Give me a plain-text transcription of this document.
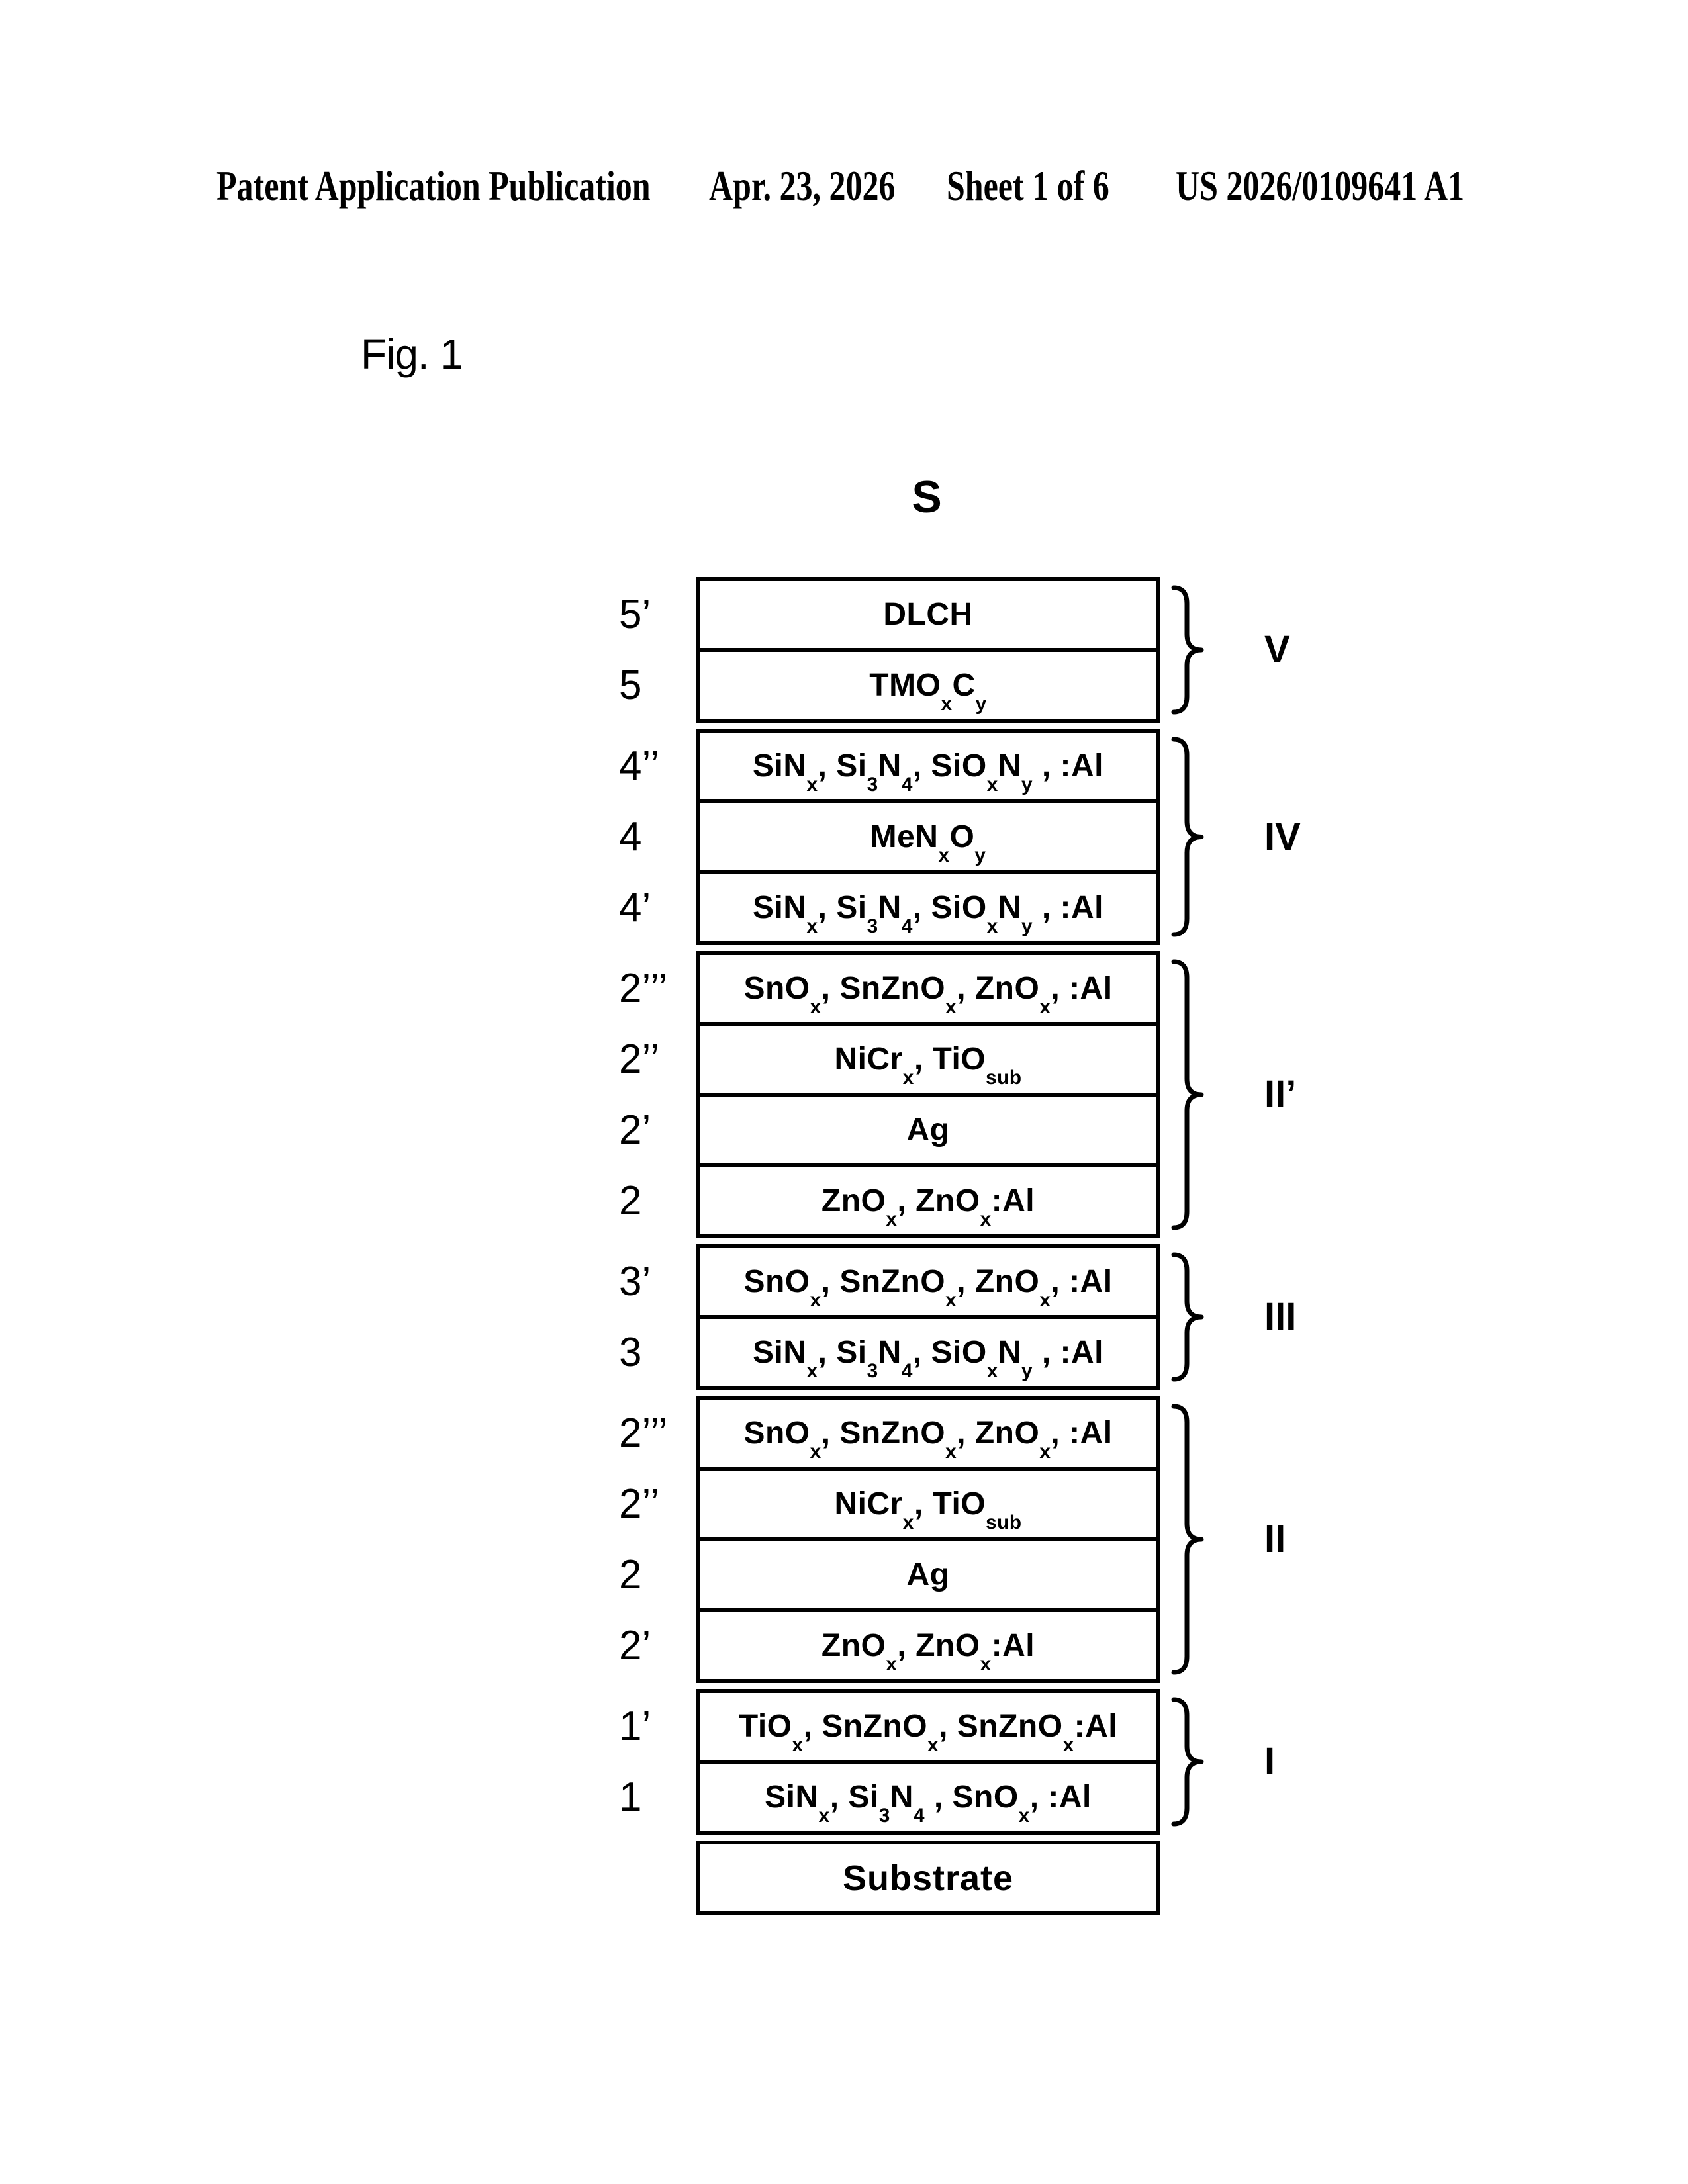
Patent Application Publication Apr. 23, 2026 Sheet 1 of 6 US 2026/0109641 A1
Fig. 1
S
5’	DLCH
5	$TMO_xC_y$
V
4’’	SiN$_x$, $Si_3N_4$, $SiO_xN_y$ , :Al
4	$MeN_xO_y$
4’	SiN$_x$, $Si_3N_4$, $SiO_xN_y$ , :Al
IV
2’’’	SnO$_x$, SnZnO$_x$, ZnO$_x$, :Al
2’’	NiCr$_x$, TiO$_{sub}$
2’	Ag
2	ZnO$_x$, ZnO$_x$:Al
II’
3’	SnO$_x$, SnZnO$_x$, ZnO$_x$, :Al
3	SiN$_x$, $Si_3N_4$, $SiO_xN_y$ , :Al
III
2’’’	SnO$_x$, SnZnO$_x$, ZnO$_x$, :Al
2’’	NiCr$_x$, TiO$_{sub}$
2	Ag
2’	ZnO$_x$, ZnO$_x$:Al
II
1’	TiO$_x$, SnZnO$_x$, SnZnO$_x$:Al
1	SiN$_x$, $Si_3N_4$ , SnO$_x$, :Al
I
Substrate
